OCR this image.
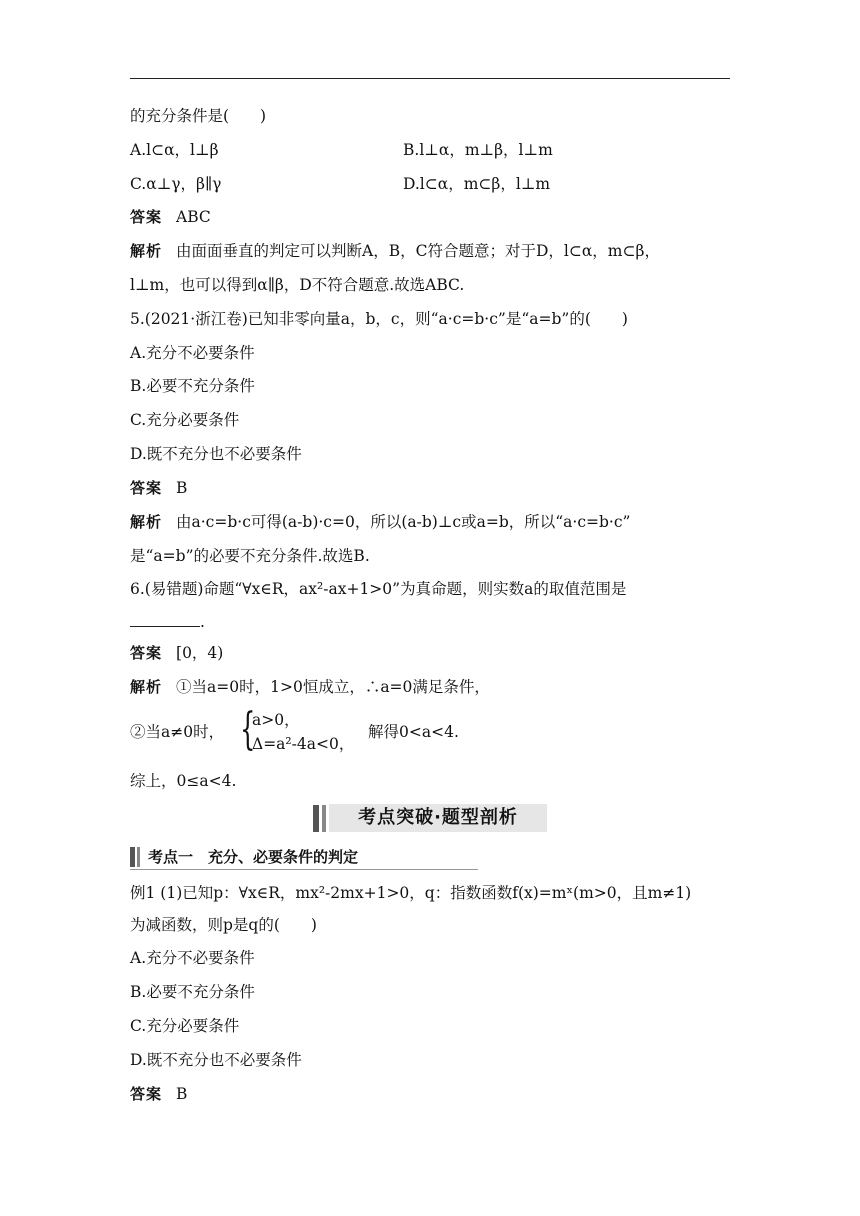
的充分条件是(　　)
A.l⊂α，l⊥β	B.l⊥α，m⊥β，l⊥m
C.α⊥γ，β∥γ	D.l⊂α，m⊂β，l⊥m
答案 ABC
解析 由面面垂直的判定可以判断A，B，C符合题意；对于D，l⊂α，m⊂β，
l⊥m，也可以得到α∥β，D不符合题意.故选ABC.
5.(2021·浙江卷)已知非零向量a，b，c，则“a·c=b·c”是“a=b”的(　　)
A.充分不必要条件
B.必要不充分条件
C.充分必要条件
D.既不充分也不必要条件
答案 B
解析 由a·c=b·c可得(a-b)·c=0，所以(a-b)⊥c或a=b，所以“a·c=b·c”
是“a=b”的必要不充分条件.故选B.
6.(易错题)命题“∀x∈R，ax²-ax+1>0”为真命题，则实数a的取值范围是
.
答案 [0，4)
解析 ①当a=0时，1>0恒成立，∴a=0满足条件，
②当a≠0时， {
a>0，
Δ=a²-4a<0，
解得0<a<4.
综上，0≤a<4.
考点突破·题型剖析
考点一　充分、必要条件的判定
例1 (1)已知p：∀x∈R，mx²-2mx+1>0，q：指数函数f(x)=mˣ(m>0，且m≠1)
为减函数，则p是q的(　　)
A.充分不必要条件
B.必要不充分条件
C.充分必要条件
D.既不充分也不必要条件
答案 B
